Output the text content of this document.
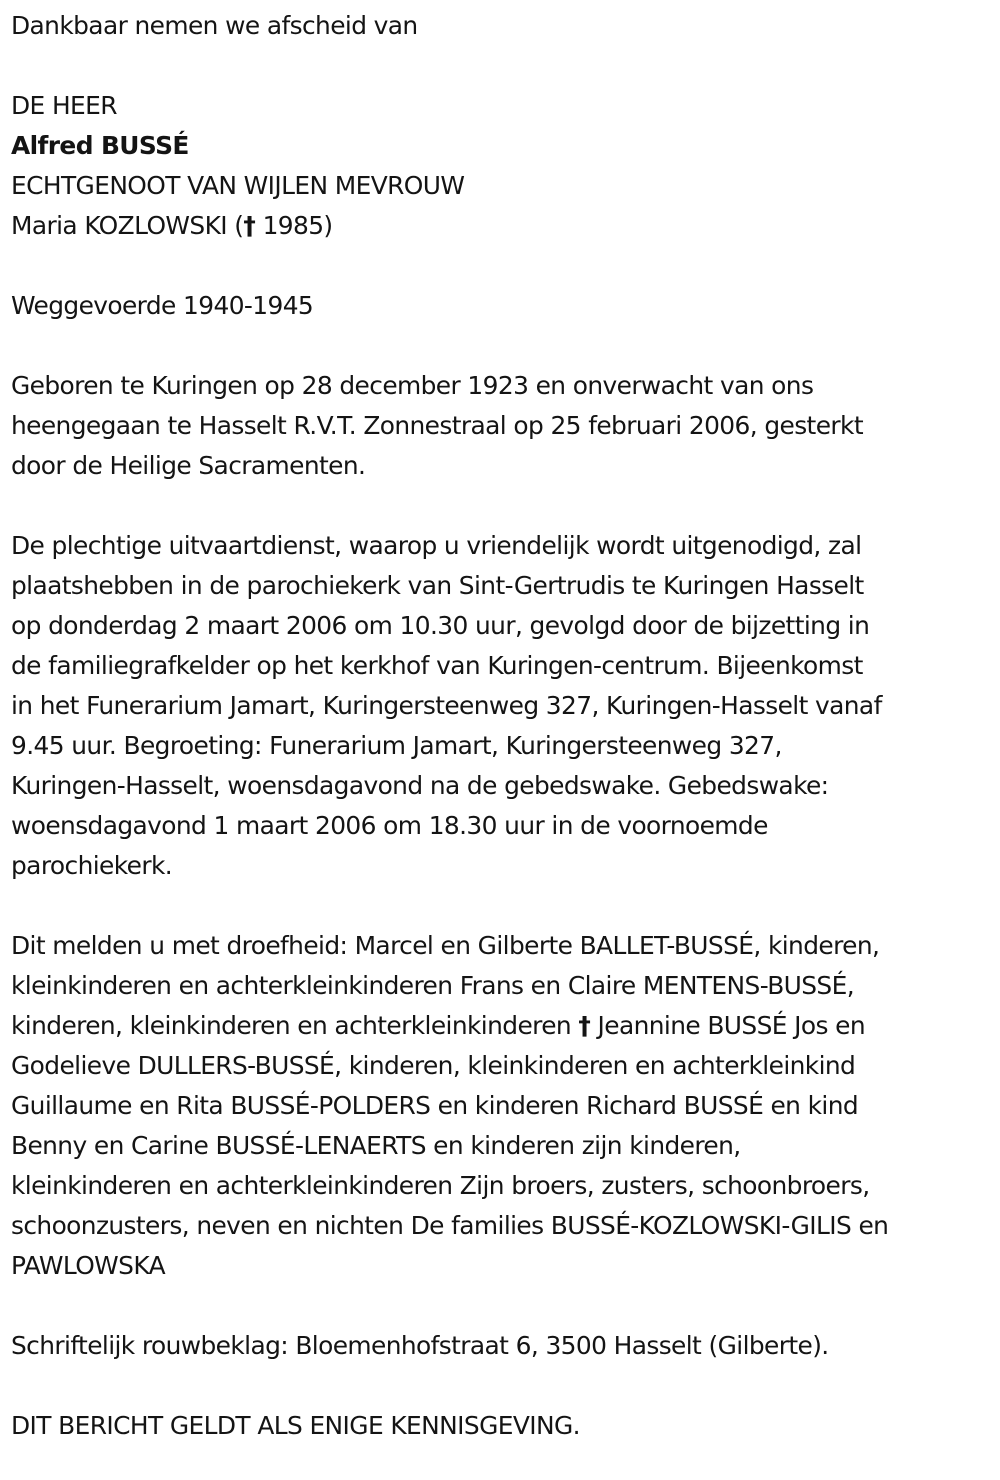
Dankbaar nemen we afscheid van
DE HEER
Alfred BUSSÉ
ECHTGENOOT VAN WIJLEN MEVROUW
Maria KOZLOWSKI († 1985)
Weggevoerde 1940-1945
Geboren te Kuringen op 28 december 1923 en onverwacht van ons
heengegaan te Hasselt R.V.T. Zonnestraal op 25 februari 2006, gesterkt
door de Heilige Sacramenten.
De plechtige uitvaartdienst, waarop u vriendelijk wordt uitgenodigd, zal
plaatshebben in de parochiekerk van Sint-Gertrudis te Kuringen Hasselt
op donderdag 2 maart 2006 om 10.30 uur, gevolgd door de bijzetting in
de familiegrafkelder op het kerkhof van Kuringen-centrum. Bijeenkomst
in het Funerarium Jamart, Kuringersteenweg 327, Kuringen-Hasselt vanaf
9.45 uur. Begroeting: Funerarium Jamart, Kuringersteenweg 327,
Kuringen-Hasselt, woensdagavond na de gebedswake. Gebedswake:
woensdagavond 1 maart 2006 om 18.30 uur in de voornoemde
parochiekerk.
Dit melden u met droefheid: Marcel en Gilberte BALLET-BUSSÉ, kinderen,
kleinkinderen en achterkleinkinderen Frans en Claire MENTENS-BUSSÉ,
kinderen, kleinkinderen en achterkleinkinderen † Jeannine BUSSÉ Jos en
Godelieve DULLERS-BUSSÉ, kinderen, kleinkinderen en achterkleinkind
Guillaume en Rita BUSSÉ-POLDERS en kinderen Richard BUSSÉ en kind
Benny en Carine BUSSÉ-LENAERTS en kinderen zijn kinderen,
kleinkinderen en achterkleinkinderen Zijn broers, zusters, schoonbroers,
schoonzusters, neven en nichten De families BUSSÉ-KOZLOWSKI-GILIS en
PAWLOWSKA
Schriftelijk rouwbeklag: Bloemenhofstraat 6, 3500 Hasselt (Gilberte).
DIT BERICHT GELDT ALS ENIGE KENNISGEVING.
